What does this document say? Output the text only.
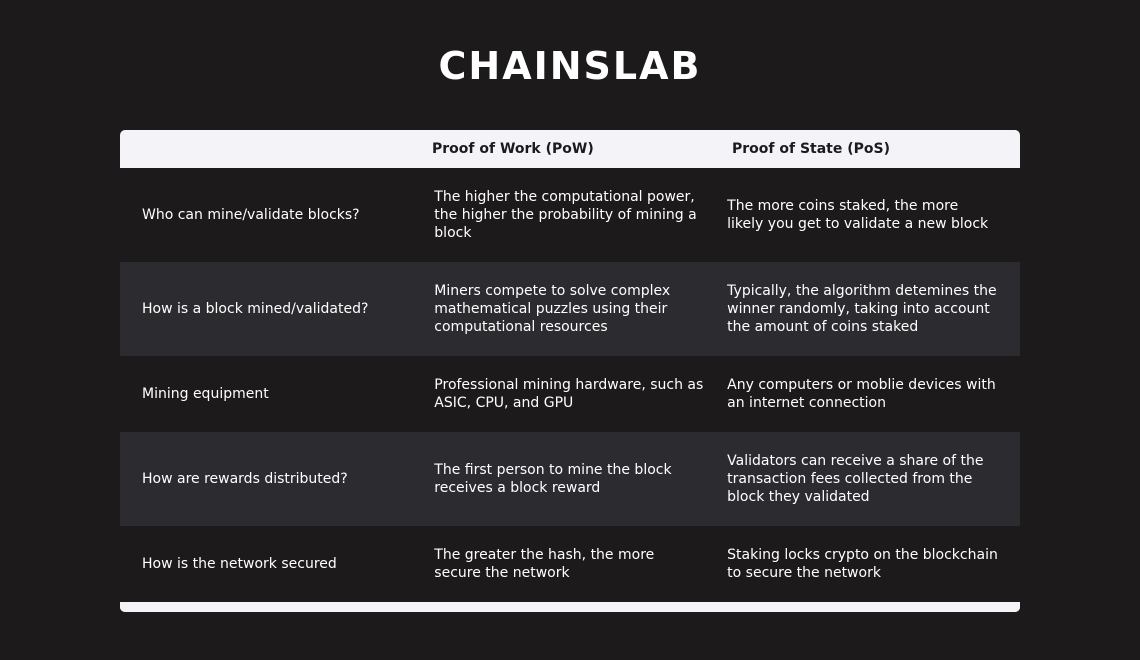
CHAINSLAB
Proof of Work (PoW)	Proof of State (PoS)
Who can mine/validate blocks?
The higher the computational power, the higher the probability of mining a block
The more coins staked, the more likely you get to validate a new block
How is a block mined/validated?
Miners compete to solve complex mathematical puzzles using their computational resources
Typically, the algorithm detemines the winner randomly, taking into account the amount of coins staked
Mining equipment
Professional mining hardware, such as ASIC, CPU, and GPU
Any computers or moblie devices with an internet connection
How are rewards distributed?
The first person to mine the block receives a block reward
Validators can receive a share of the transaction fees collected from the block they validated
How is the network secured
The greater the hash, the more secure the network
Staking locks crypto on the blockchain to secure the network
